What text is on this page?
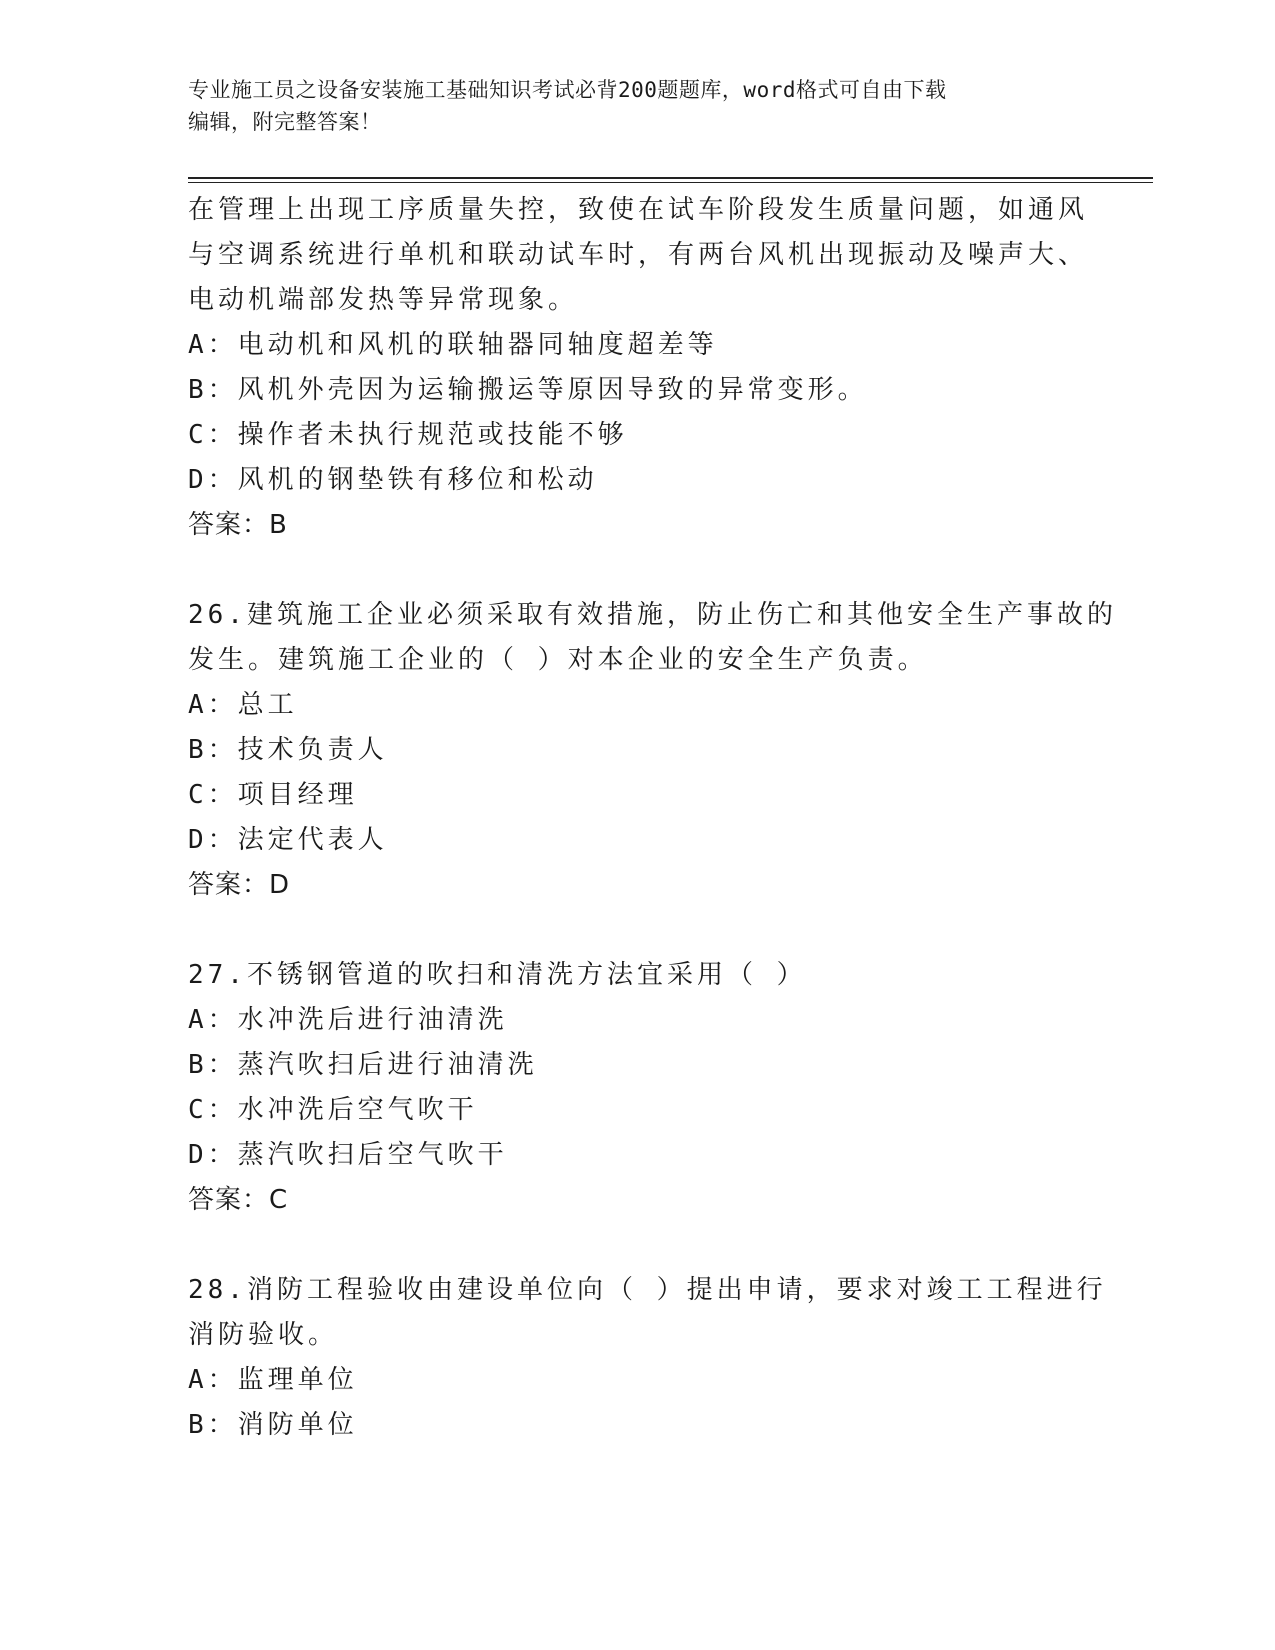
专业施工员之设备安装施工基础知识考试必背200题题库，word格式可自由下载
编辑，附完整答案！
在管理上出现工序质量失控，致使在试车阶段发生质量问题，如通风
与空调系统进行单机和联动试车时，有两台风机出现振动及噪声大、
电动机端部发热等异常现象。
A：电动机和风机的联轴器同轴度超差等
B：风机外壳因为运输搬运等原因导致的异常变形。
C：操作者未执行规范或技能不够
D：风机的钢垫铁有移位和松动
答案：B
26.建筑施工企业必须采取有效措施，防止伤亡和其他安全生产事故的
发生。建筑施工企业的（ ）对本企业的安全生产负责。
A：总工
B：技术负责人
C：项目经理
D：法定代表人
答案：D
27.不锈钢管道的吹扫和清洗方法宜采用（ ）
A：水冲洗后进行油清洗
B：蒸汽吹扫后进行油清洗
C：水冲洗后空气吹干
D：蒸汽吹扫后空气吹干
答案：C
28.消防工程验收由建设单位向（ ）提出申请，要求对竣工工程进行
消防验收。
A：监理单位
B：消防单位
